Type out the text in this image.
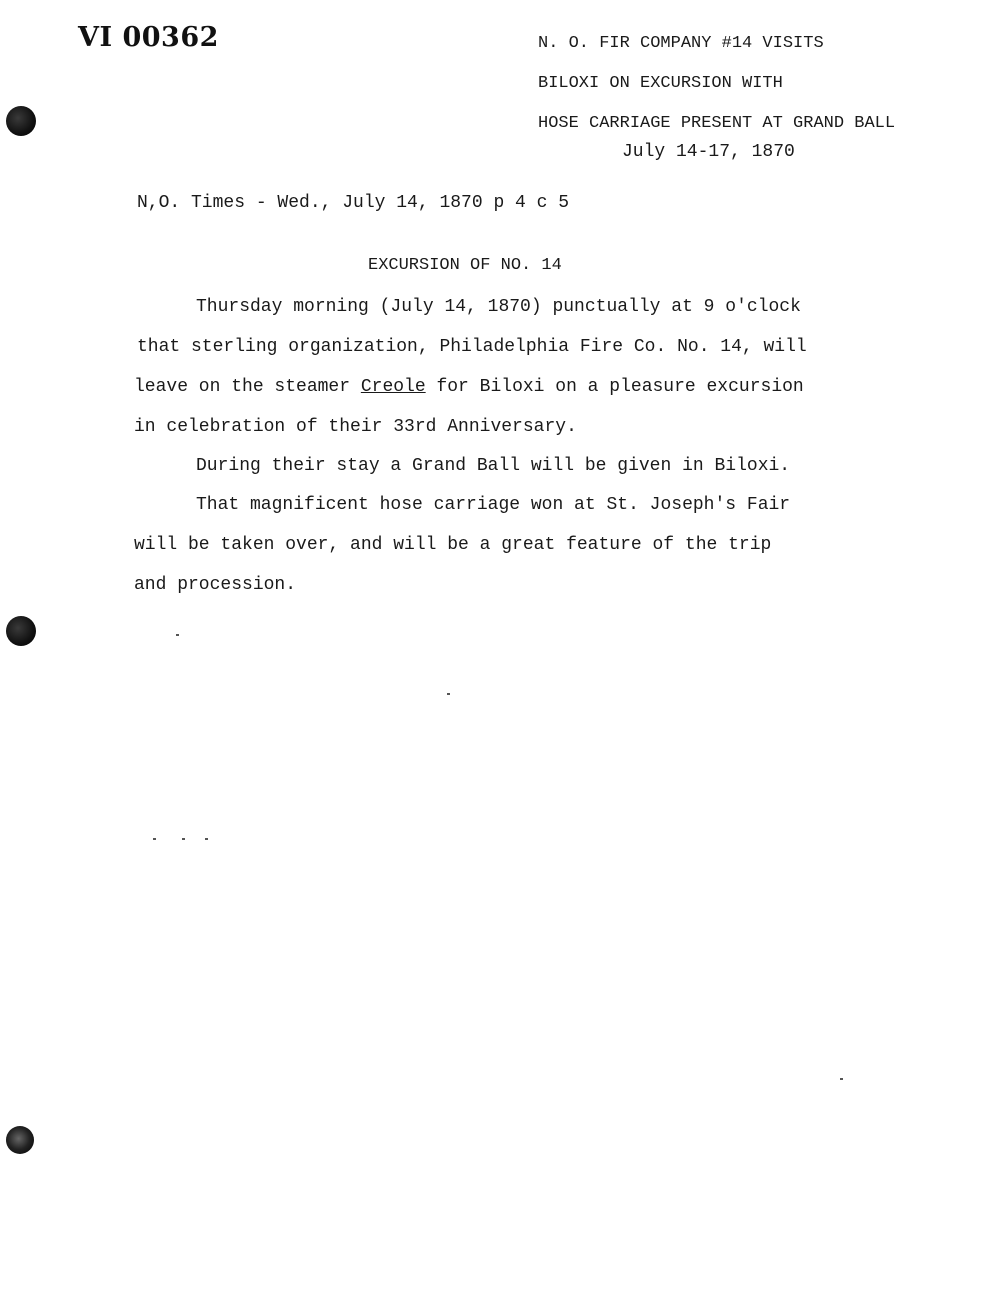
VI 00362	N. O. FIR COMPANY #14 VISITS
BILOXI ON EXCURSION WITH
HOSE CARRIAGE PRESENT AT GRAND BALL
July 14-17, 1870
N,O. Times - Wed., July 14, 1870 p 4 c 5
EXCURSION OF NO. 14
Thursday morning (July 14, 1870) punctually at 9 o'clock
that sterling organization, Philadelphia Fire Co. No. 14, will
leave on the steamer Creole for Biloxi on a pleasure excursion
in celebration of their 33rd Anniversary.
During their stay a Grand Ball will be given in Biloxi.
That magnificent hose carriage won at St. Joseph's Fair
will be taken over, and will be a great feature of the trip
and procession.
